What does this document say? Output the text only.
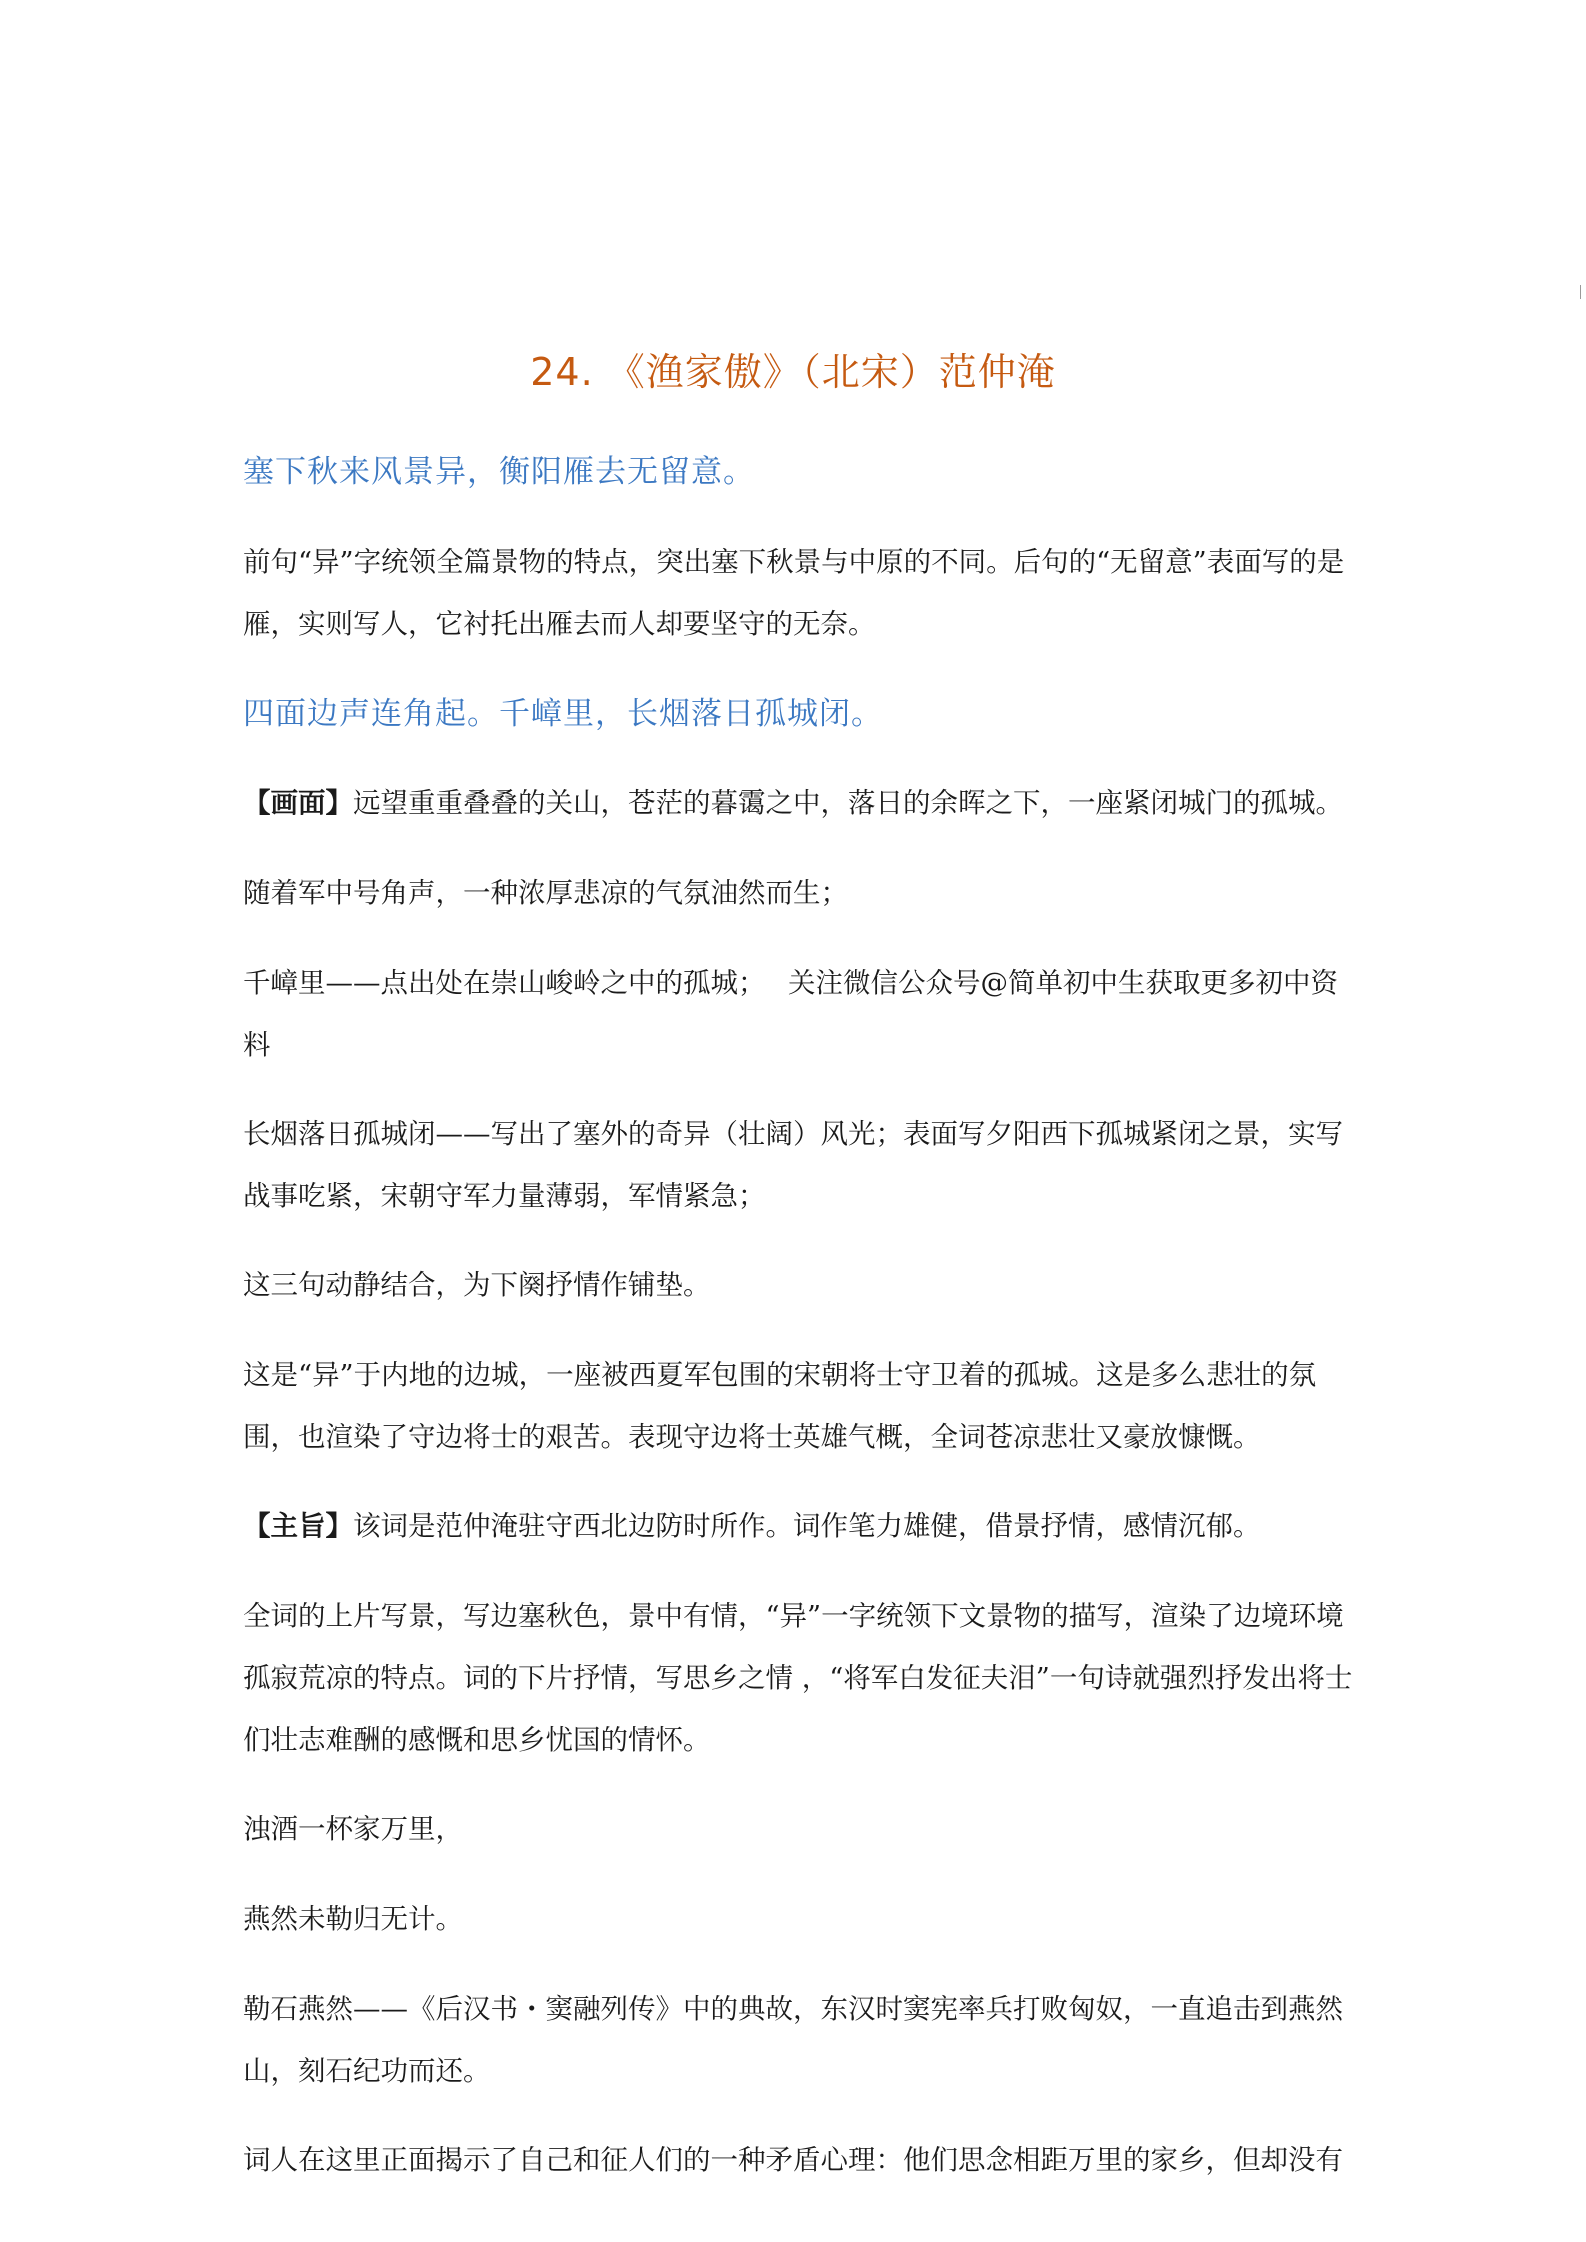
24. 《渔家傲》（北宋）范仲淹

塞下秋来风景异，衡阳雁去无留意。

前句“异”字统领全篇景物的特点，突出塞下秋景与中原的不同。后句的“无留意”表面写的是雁，实则写人，它衬托出雁去而人却要坚守的无奈。

四面边声连角起。千嶂里，长烟落日孤城闭。

【画面】远望重重叠叠的关山，苍茫的暮霭之中，落日的余晖之下，一座紧闭城门的孤城。

随着军中号角声，一种浓厚悲凉的气氛油然而生；

千嶂里——点出处在崇山峻岭之中的孤城；　 关注微信公众号@简单初中生获取更多初中资料

长烟落日孤城闭——写出了塞外的奇异（壮阔）风光；表面写夕阳西下孤城紧闭之景，实写战事吃紧，宋朝守军力量薄弱，军情紧急；

这三句动静结合，为下阕抒情作铺垫。

这是“异”于内地的边城，一座被西夏军包围的宋朝将士守卫着的孤城。这是多么悲壮的氛围，也渲染了守边将士的艰苦。表现守边将士英雄气概，全词苍凉悲壮又豪放慷慨。

【主旨】该词是范仲淹驻守西北边防时所作。词作笔力雄健，借景抒情，感情沉郁。

全词的上片写景，写边塞秋色，景中有情，“异”一字统领下文景物的描写，渲染了边境环境孤寂荒凉的特点。词的下片抒情，写思乡之情 ，“将军白发征夫泪”一句诗就强烈抒发出将士们壮志难酬的感慨和思乡忧国的情怀。

浊酒一杯家万里，

燕然未勒归无计。

勒石燕然——《后汉书・窦融列传》中的典故，东汉时窦宪率兵打败匈奴，一直追击到燕然山，刻石纪功而还。

词人在这里正面揭示了自己和征人们的一种矛盾心理：他们思念相距万里的家乡，但却没有
